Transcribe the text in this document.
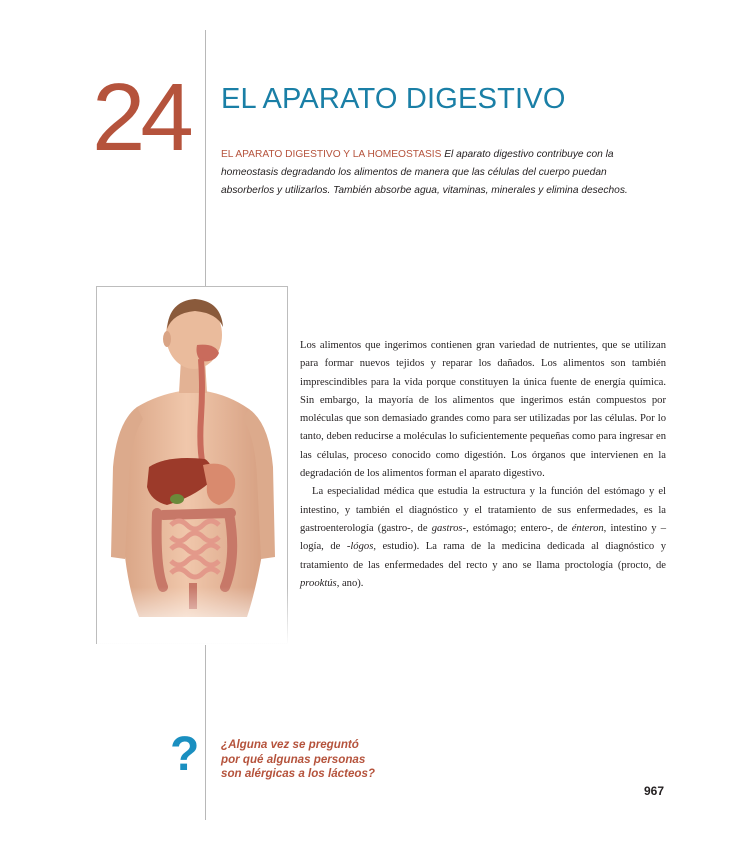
24 EL APARATO DIGESTIVO
EL APARATO DIGESTIVO Y LA HOMEOSTASIS El aparato digestivo contribuye con la homeostasis degradando los alimentos de manera que las células del cuerpo puedan absorberlos y utilizarlos. También absorbe agua, vitaminas, minerales y elimina desechos.

Los alimentos que ingerimos contienen gran variedad de nutrientes, que se utilizan para formar nuevos tejidos y reparar los dañados. Los alimentos son también imprescindibles para la vida porque constituyen la única fuente de energía química. Sin embargo, la mayoría de los alimentos que ingerimos están compuestos por moléculas que son demasiado grandes como para ser utilizadas por las células. Por lo tanto, deben reducirse a moléculas lo suficientemente pequeñas como para ingresar en las células, proceso conocido como digestión. Los órganos que intervienen en la degradación de los alimentos forman el aparato digestivo.

La especialidad médica que estudia la estructura y la función del estómago y el intestino, y también el diagnóstico y el tratamiento de sus enfermedades, es la gastroenterología (gastro-, de gastros-, estómago; entero-, de énteron, intestino y –logía, de -lógos, estudio). La rama de la medicina dedicada al diagnóstico y tratamiento de las enfermedades del recto y ano se llama proctología (procto, de prooktús, ano).

? ¿Alguna vez se preguntó
por qué algunas personas
son alérgicas a los lácteos?
967
